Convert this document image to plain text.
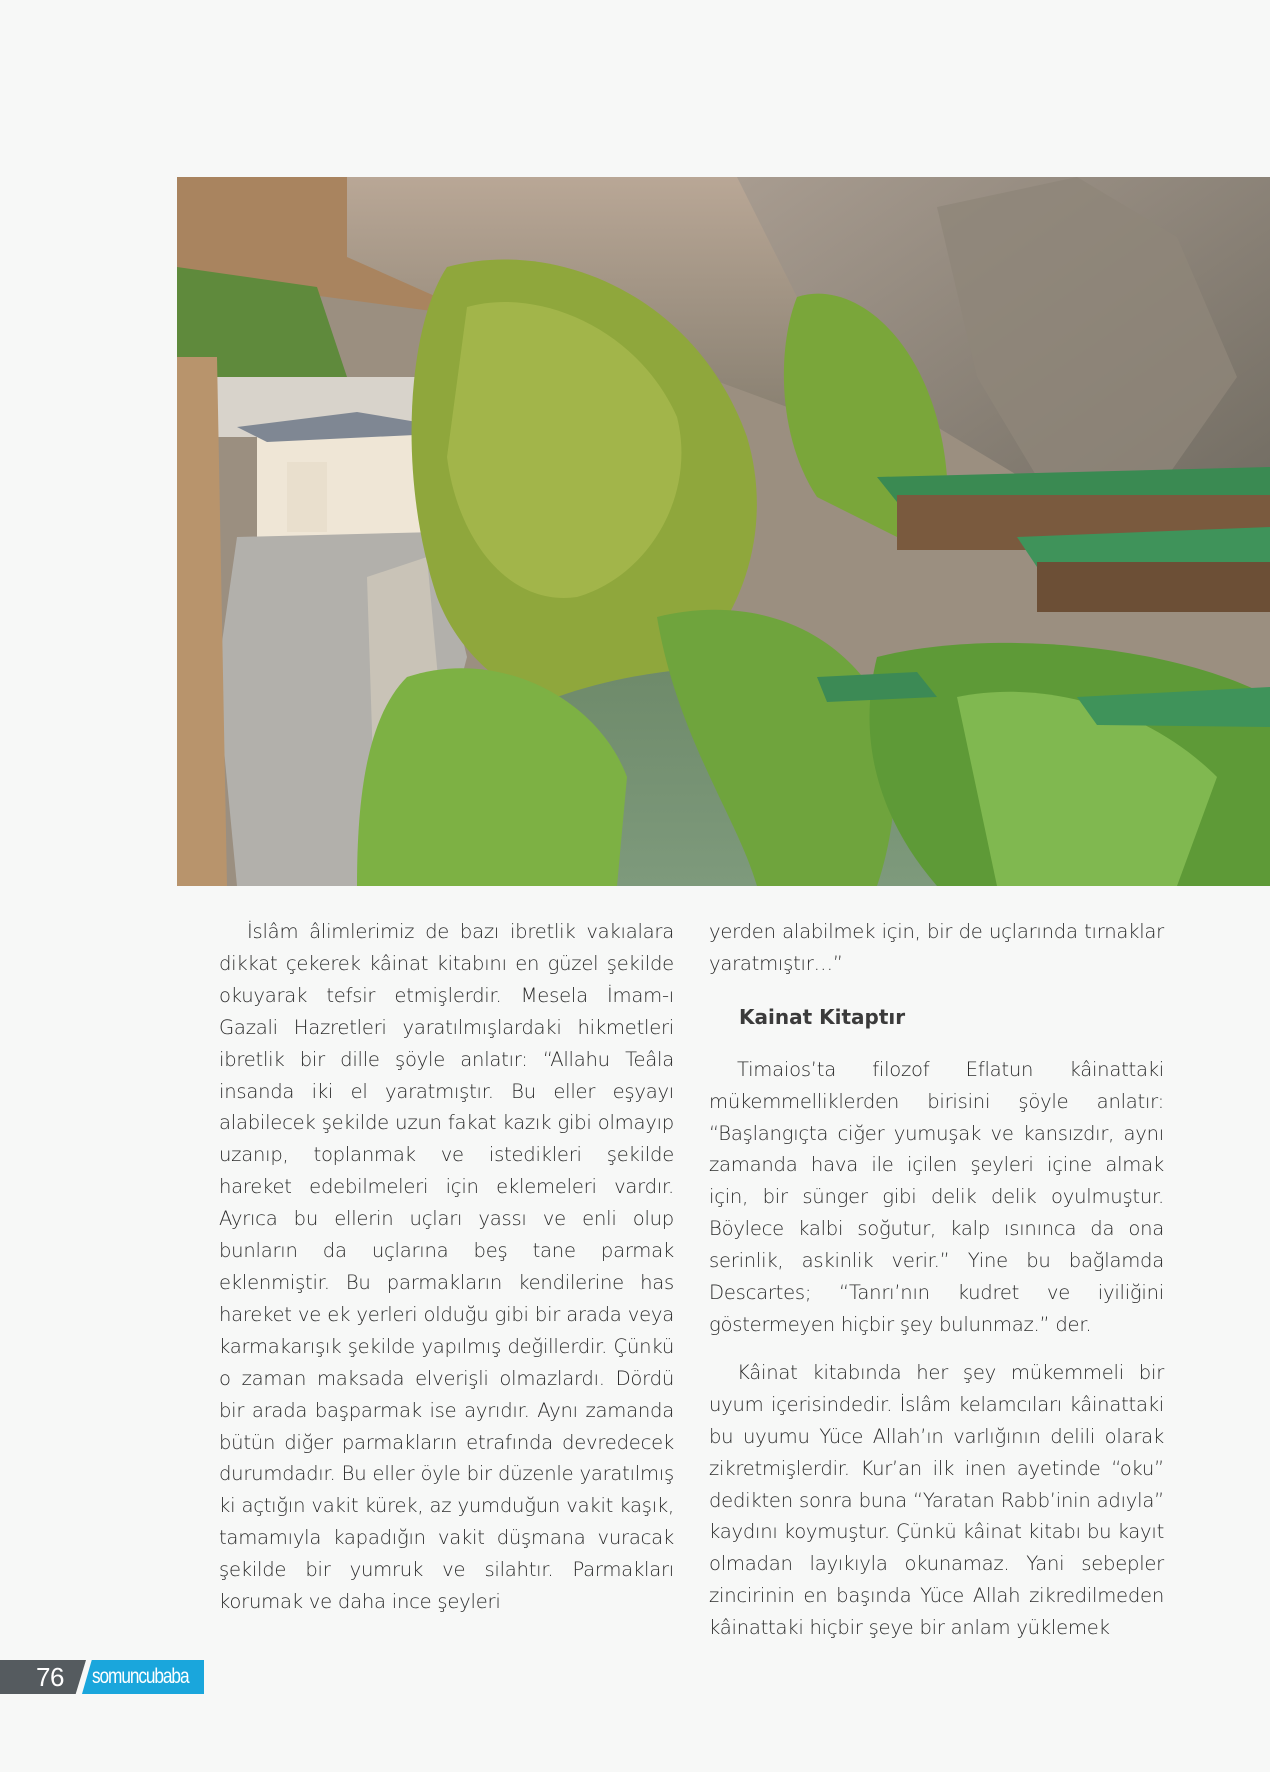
İslâm âlimlerimiz de bazı ibretlik vakıalara dikkat çekerek kâinat kitabını en güzel şekilde okuyarak tefsir etmişlerdir. Mesela İmam-ı Gazali Hazretleri yaratılmışlardaki hikmetleri ibretlik bir dille şöyle anlatır: “Allahu Teâla insanda iki el yaratmıştır. Bu eller eşyayı alabilecek şekilde uzun fakat kazık gibi olmayıp uzanıp, toplanmak ve istedikleri şekilde hareket edebilmeleri için eklemeleri vardır. Ayrıca bu ellerin uçları yassı ve enli olup bunların da uçlarına beş tane parmak eklenmiştir. Bu parmakların kendilerine has hareket ve ek yerleri olduğu gibi bir arada veya karmakarışık şekilde yapılmış değillerdir. Çünkü o zaman maksada elverişli olmazlardı. Dördü bir arada başparmak ise ayrıdır. Aynı zamanda bütün diğer parmakların etrafında devredecek durumdadır. Bu eller öyle bir düzenle yaratılmış ki açtığın vakit kürek, az yumduğun vakit kaşık, tamamıyla kapadığın vakit düşmana vuracak şekilde bir yumruk ve silahtır. Parmakları korumak ve daha ince şeyleri

yerden alabilmek için, bir de uçlarında tırnaklar yaratmıştır…”

Kainat Kitaptır

Timaios’ta filozof Eflatun kâinattaki mükemmelliklerden birisini şöyle anlatır: “Başlangıçta ciğer yumuşak ve kansızdır, aynı zamanda hava ile içilen şeyleri içine almak için, bir sünger gibi delik delik oyulmuştur. Böylece kalbi soğutur, kalp ısınınca da ona serinlik, askinlik verir.” Yine bu bağlamda Descartes; “Tanrı’nın kudret ve iyiliğini göstermeyen hiçbir şey bulunmaz.” der.

Kâinat kitabında her şey mükemmeli bir uyum içerisindedir. İslâm kelamcıları kâinattaki bu uyumu Yüce Allah’ın varlığının delili olarak zikretmişlerdir. Kur’an ilk inen ayetinde “oku” dedikten sonra buna “Yaratan Rabb’inin adıyla” kaydını koymuştur. Çünkü kâinat kitabı bu kayıt olmadan layıkıyla okunamaz. Yani sebepler zincirinin en başında Yüce Allah zikredilmeden kâinattaki hiçbir şeye bir anlam yüklemek

76 somuncubaba
